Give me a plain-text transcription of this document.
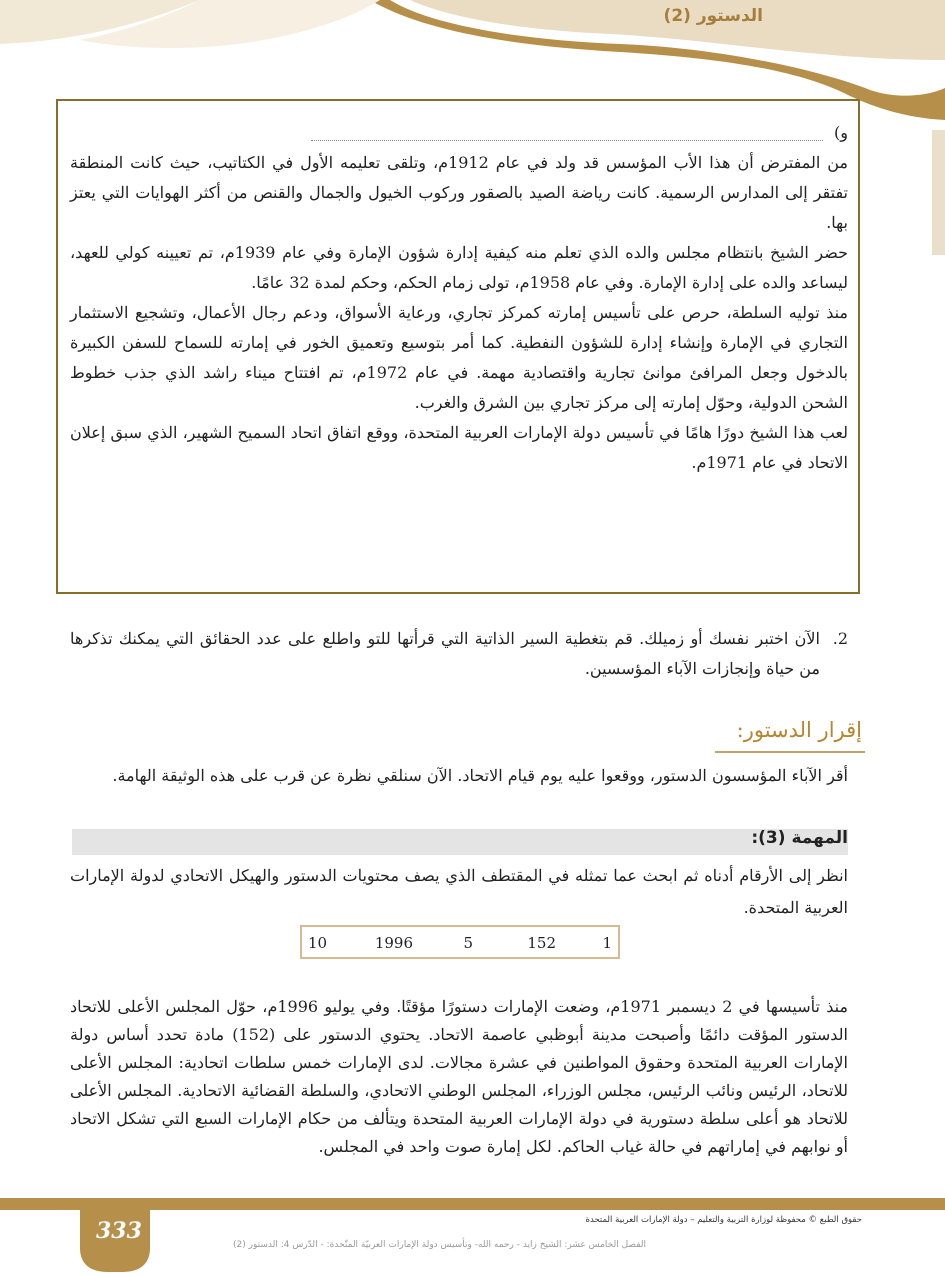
الدستور (2)

و)

من المفترض أن هذا الأب المؤسس قد ولد في عام 1912م، وتلقى تعليمه الأول في الكتاتيب، حيث كانت المنطقة تفتقر إلى المدارس الرسمية. كانت رياضة الصيد بالصقور وركوب الخيول والجمال والقنص من أكثر الهوايات التي يعتز بها.

حضر الشيخ بانتظام مجلس والده الذي تعلم منه كيفية إدارة شؤون الإمارة وفي عام 1939م، تم تعيينه كولي للعهد، ليساعد والده على إدارة الإمارة. وفي عام 1958م، تولى زمام الحكم، وحكم لمدة 32 عامًا.

منذ توليه السلطة، حرص على تأسيس إمارته كمركز تجاري، ورعاية الأسواق، ودعم رجال الأعمال، وتشجيع الاستثمار التجاري في الإمارة وإنشاء إدارة للشؤون النفطية. كما أمر بتوسيع وتعميق الخور في إمارته للسماح للسفن الكبيرة بالدخول وجعل المرافئ موانئ تجارية واقتصادية مهمة. في عام 1972م، تم افتتاح ميناء راشد الذي جذب خطوط الشحن الدولية، وحوّل إمارته إلى مركز تجاري بين الشرق والغرب.

لعب هذا الشيخ دورًا هامًا في تأسيس دولة الإمارات العربية المتحدة، ووقع اتفاق اتحاد السميح الشهير، الذي سبق إعلان الاتحاد في عام 1971م.

2.
الآن اختبر نفسك أو زميلك. قم بتغطية السير الذاتية التي قرأتها للتو واطلع على عدد الحقائق التي يمكنك تذكرها من حياة وإنجازات الآباء المؤسسين.
إقرار الدستور:
أقر الآباء المؤسسون الدستور، ووقعوا عليه يوم قيام الاتحاد. الآن سنلقي نظرة عن قرب على هذه الوثيقة الهامة.
المهمة (3):
انظر إلى الأرقام أدناه ثم ابحث عما تمثله في المقتطف الذي يصف محتويات الدستور والهيكل الاتحادي لدولة الإمارات العربية المتحدة.
1
152
5
1996
10
منذ تأسيسها في 2 ديسمبر 1971م، وضعت الإمارات دستورًا مؤقتًا. وفي يوليو 1996م، حوّل المجلس الأعلى للاتحاد الدستور المؤقت دائمًا وأصبحت مدينة أبوظبي عاصمة الاتحاد. يحتوي الدستور على (152) مادة تحدد أساس دولة الإمارات العربية المتحدة وحقوق المواطنين في عشرة مجالات. لدى الإمارات خمس سلطات اتحادية: المجلس الأعلى للاتحاد، الرئيس ونائب الرئيس، مجلس الوزراء، المجلس الوطني الاتحادي، والسلطة القضائية الاتحادية. المجلس الأعلى للاتحاد هو أعلى سلطة دستورية في دولة الإمارات العربية المتحدة ويتألف من حكام الإمارات السبع التي تشكل الاتحاد أو نوابهم في إماراتهم في حالة غياب الحاكم. لكل إمارة صوت واحد في المجلس.
333	حقوق الطبع © محفوظة لوزارة التربية والتعليم – دولة الإمارات العربية المتحدة
الفصل الخامس عشر: الشيخ زايد - رحمه الله- وتأسيس دولة الإمارات العربيّة المتّحدة: - الدّرس 4: الدستور (2)
